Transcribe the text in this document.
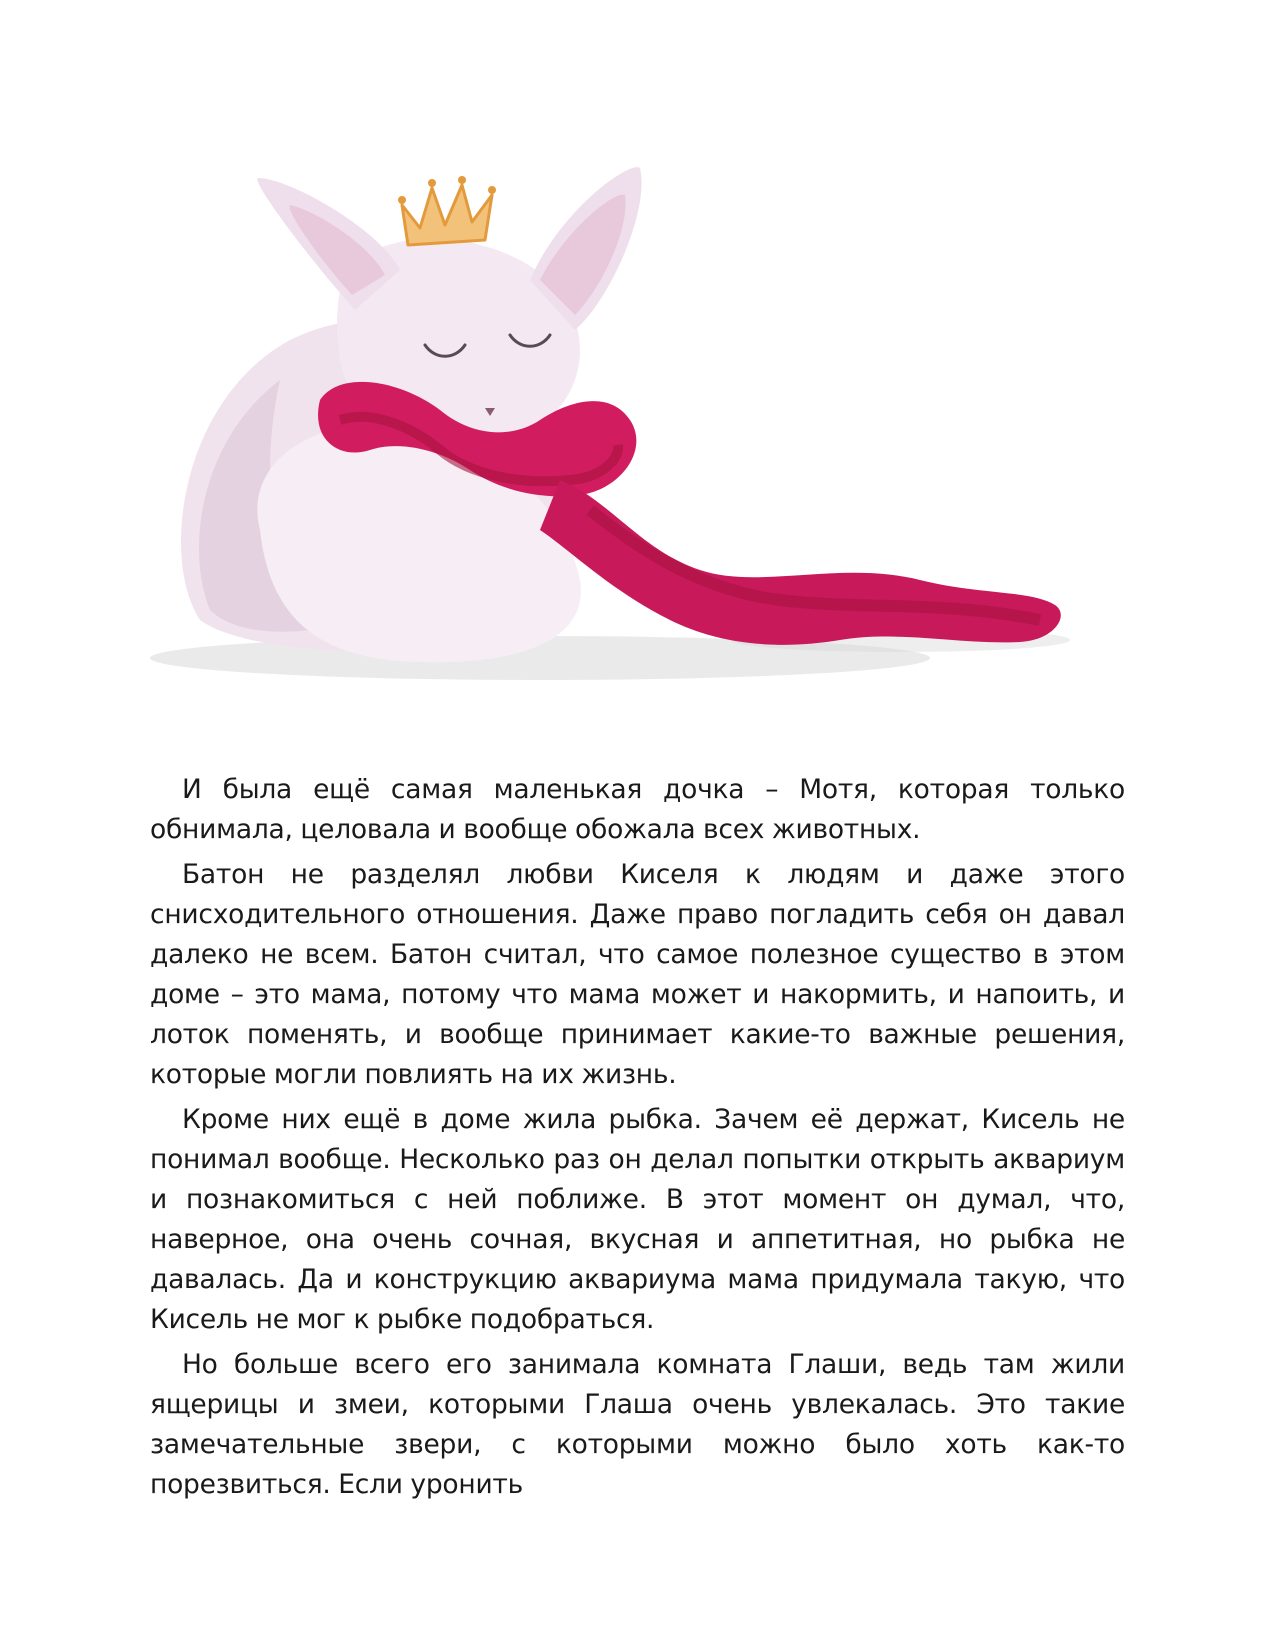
И была ещё самая маленькая дочка – Мотя, которая только обнимала, целовала и вообще обожала всех животных.

Батон не разделял любви Киселя к людям и даже этого снисходительного отношения. Даже право погладить себя он давал далеко не всем. Батон считал, что самое полезное существо в этом доме – это мама, потому что мама может и накормить, и напоить, и лоток поменять, и вообще принимает какие-то важные решения, которые могли повлиять на их жизнь.

Кроме них ещё в доме жила рыбка. Зачем её держат, Кисель не понимал вообще. Несколько раз он делал попытки открыть аквариум и познакомиться с ней поближе. В этот момент он думал, что, наверное, она очень сочная, вкусная и аппетитная, но рыбка не давалась. Да и конструкцию аквариума мама придумала такую, что Кисель не мог к рыбке подобраться.

Но больше всего его занимала комната Глаши, ведь там жили ящерицы и змеи, которыми Глаша очень увлекалась. Это такие замечательные звери, с которыми можно было хоть как-то порезвиться. Если уронить
